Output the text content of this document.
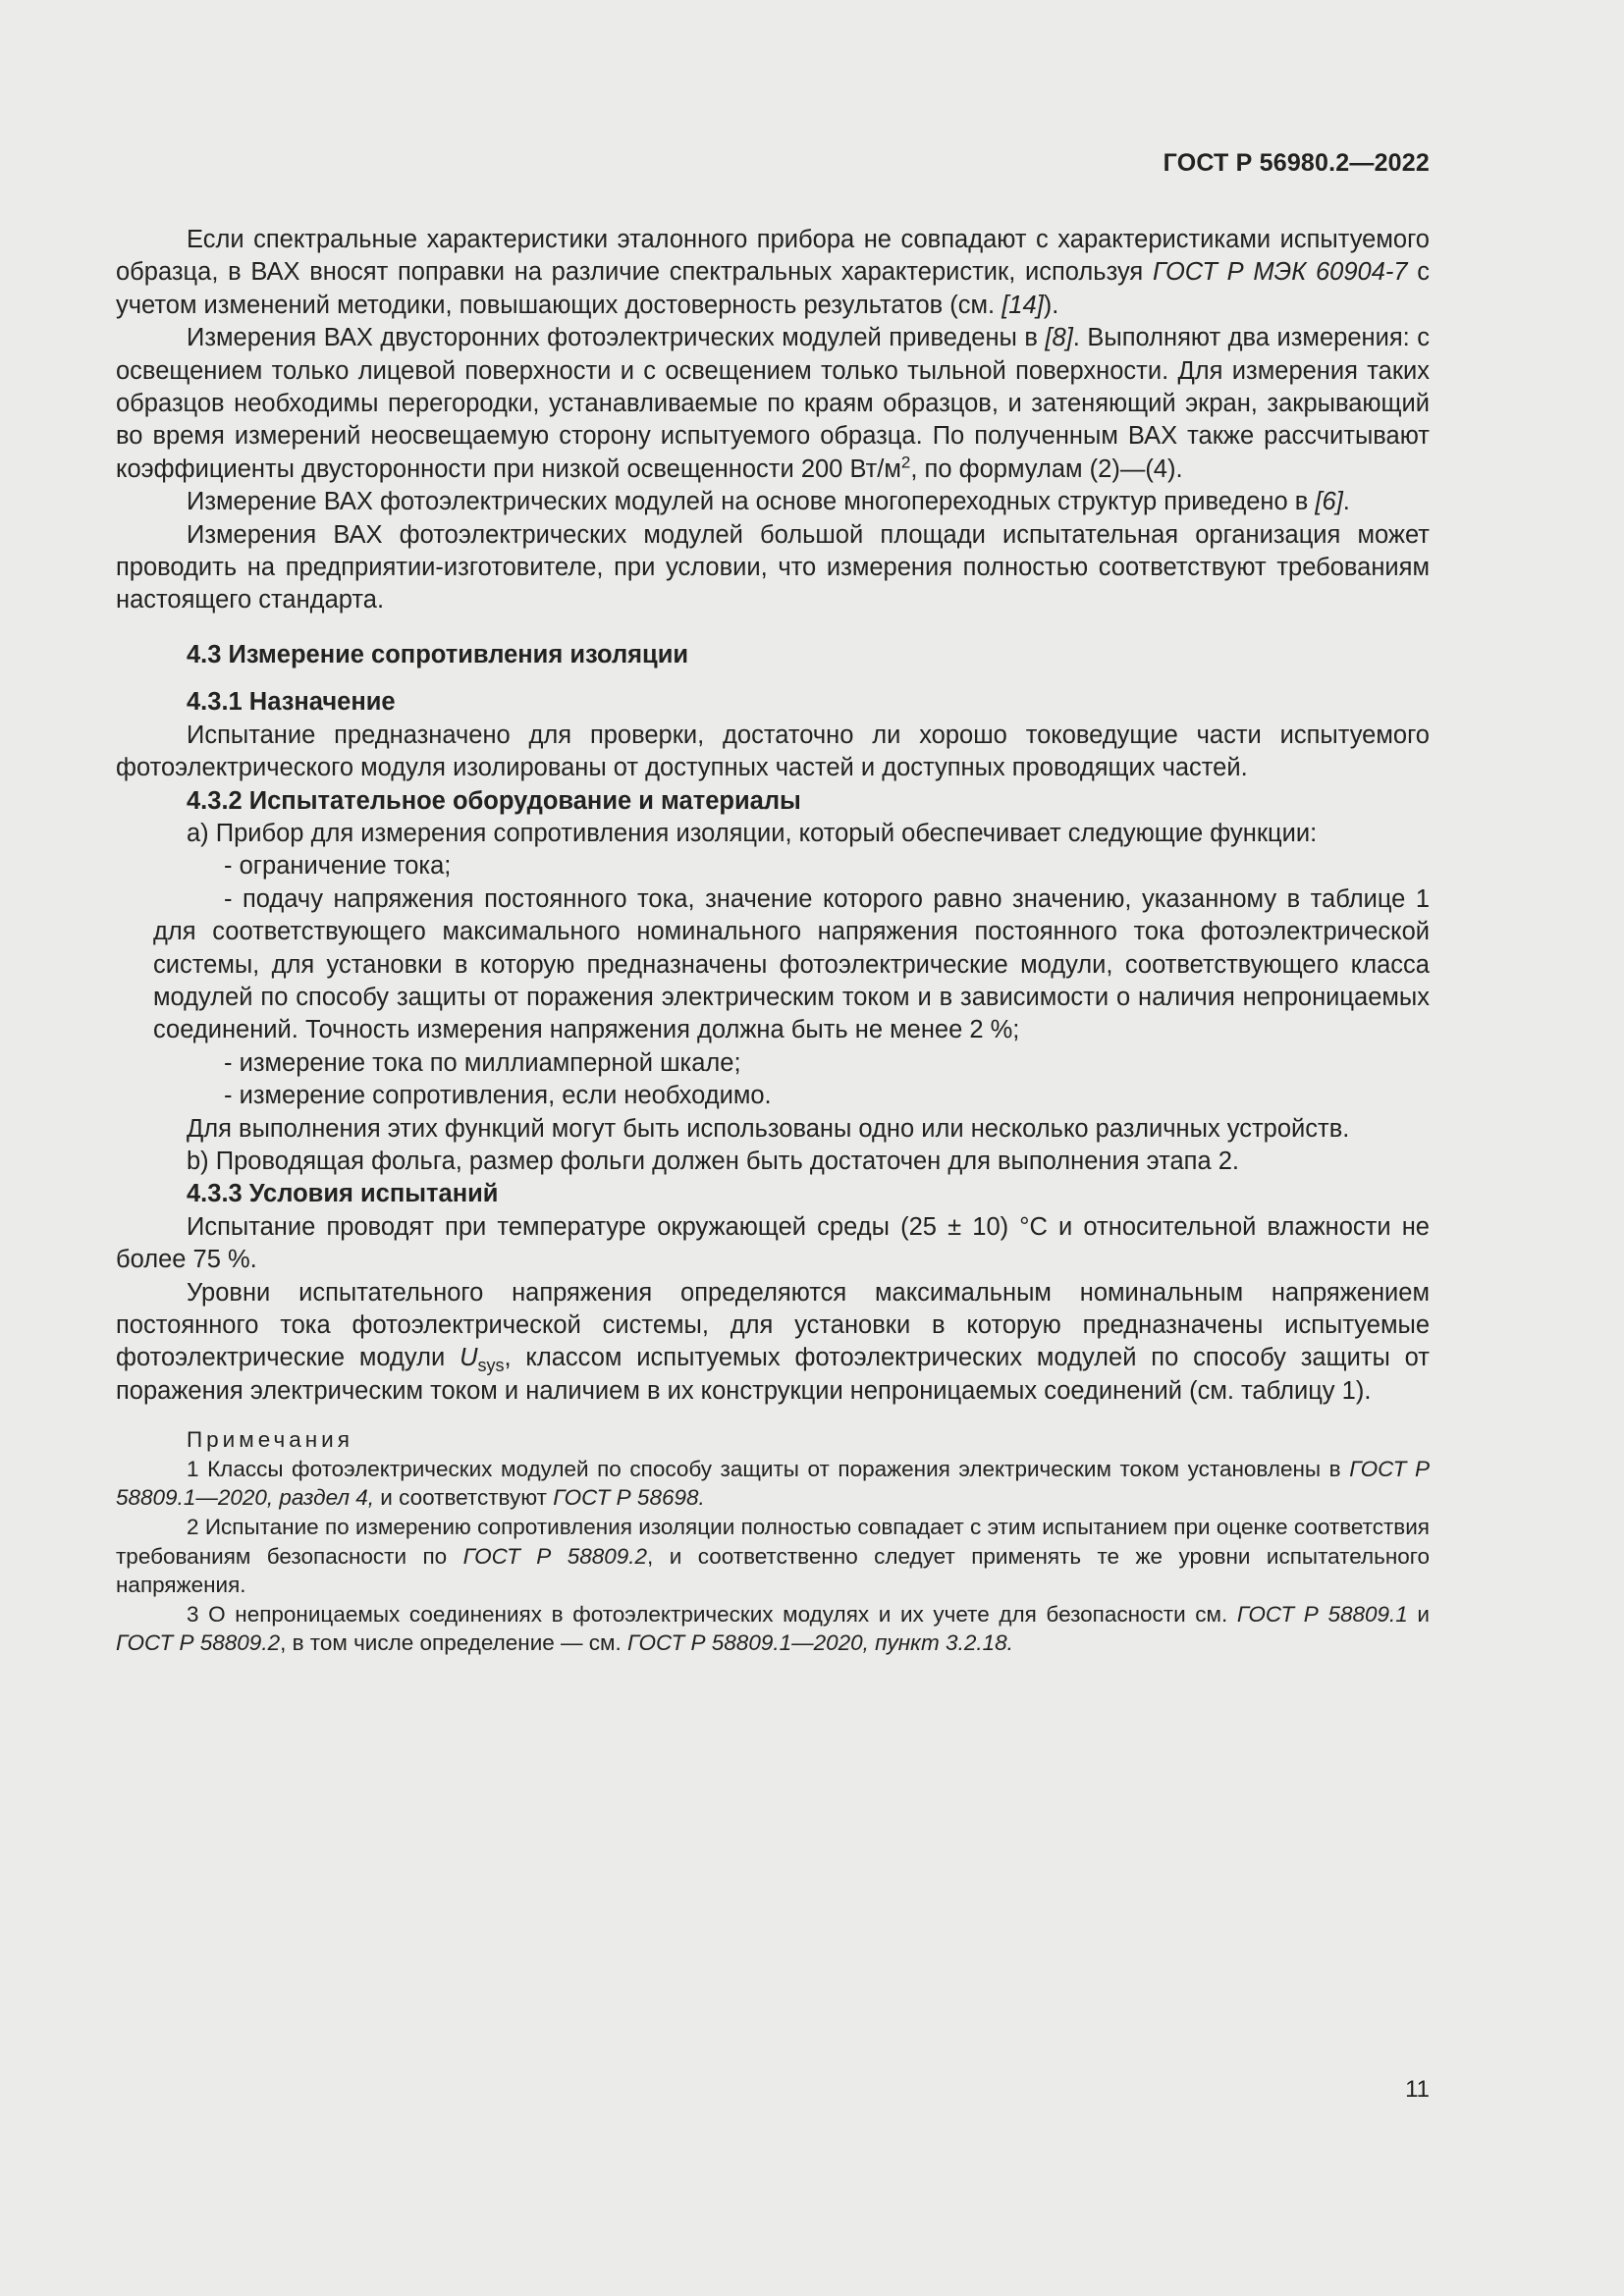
ГОСТ Р 56980.2—2022

Если спектральные характеристики эталонного прибора не совпадают с характеристиками испытуемого образца, в ВАХ вносят поправки на различие спектральных характеристик, используя ГОСТ Р МЭК 60904-7 с учетом изменений методики, повышающих достоверность результатов (см. [14]).

Измерения ВАХ двусторонних фотоэлектрических модулей приведены в [8]. Выполняют два измерения: с освещением только лицевой поверхности и с освещением только тыльной поверхности. Для измерения таких образцов необходимы перегородки, устанавливаемые по краям образцов, и затеняющий экран, закрывающий во время измерений неосвещаемую сторону испытуемого образца. По полученным ВАХ также рассчитывают коэффициенты двусторонности при низкой освещенности 200 $Вт/м^2$, по формулам (2)—(4).

Измерение ВАХ фотоэлектрических модулей на основе многопереходных структур приведено в [6].

Измерения ВАХ фотоэлектрических модулей большой площади испытательная организация может проводить на предприятии-изготовителе, при условии, что измерения полностью соответствуют требованиям настоящего стандарта.

4.3 Измерение сопротивления изоляции

4.3.1 Назначение

Испытание предназначено для проверки, достаточно ли хорошо токоведущие части испытуемого фотоэлектрического модуля изолированы от доступных частей и доступных проводящих частей.

4.3.2 Испытательное оборудование и материалы

а) Прибор для измерения сопротивления изоляции, который обеспечивает следующие функции:

- ограничение тока;

- подачу напряжения постоянного тока, значение которого равно значению, указанному в таблице 1 для соответствующего максимального номинального напряжения постоянного тока фотоэлектрической системы, для установки в которую предназначены фотоэлектрические модули, соответствующего класса модулей по способу защиты от поражения электрическим током и в зависимости о наличия непроницаемых соединений. Точность измерения напряжения должна быть не менее 2 %;

- измерение тока по миллиамперной шкале;

- измерение сопротивления, если необходимо.

Для выполнения этих функций могут быть использованы одно или несколько различных устройств.

b) Проводящая фольга, размер фольги должен быть достаточен для выполнения этапа 2.

4.3.3 Условия испытаний

Испытание проводят при температуре окружающей среды (25 ± 10) °С и относительной влажности не более 75 %.

Уровни испытательного напряжения определяются максимальным номинальным напряжением постоянного тока фотоэлектрической системы, для установки в которую предназначены испытуемые фотоэлектрические модули $U_{sys}$, классом испытуемых фотоэлектрических модулей по способу защиты от поражения электрическим током и наличием в их конструкции непроницаемых соединений (см. таблицу 1).

Примечания

1 Классы фотоэлектрических модулей по способу защиты от поражения электрическим током установлены в ГОСТ Р 58809.1—2020, раздел 4, и соответствуют ГОСТ Р 58698.

2 Испытание по измерению сопротивления изоляции полностью совпадает с этим испытанием при оценке соответствия требованиям безопасности по ГОСТ Р 58809.2, и соответственно следует применять те же уровни испытательного напряжения.

3 О непроницаемых соединениях в фотоэлектрических модулях и их учете для безопасности см. ГОСТ Р 58809.1 и ГОСТ Р 58809.2, в том числе определение — см. ГОСТ Р 58809.1—2020, пункт 3.2.18.

11
